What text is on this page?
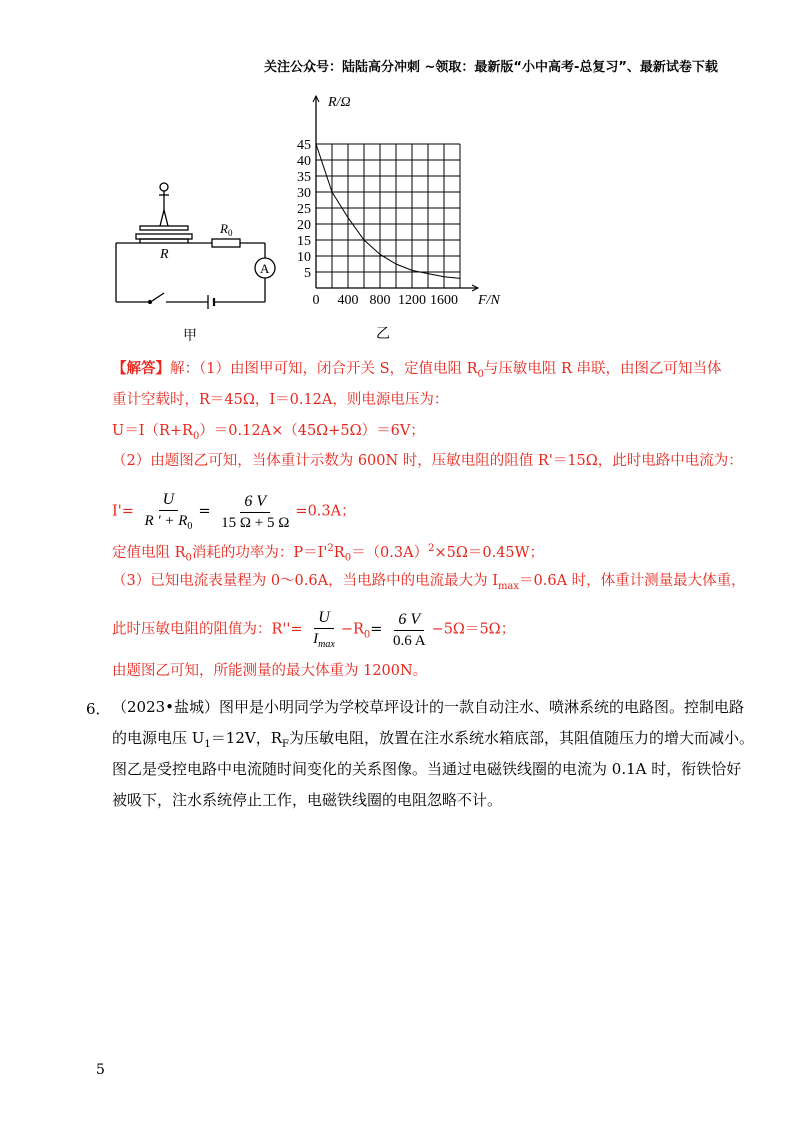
关注公众号：陆陆高分冲刺 ~领取：最新版“小中高考-总复习”、最新试卷下载
R
$R_0$
A
甲
45
40
35
30
25
20
15
10
5
0 400 800 1200 1600
R/Ω
F/N
乙
【解答】解：（1）由图甲可知，闭合开关 S，定值电阻 $R_0$与压敏电阻 R 串联，由图乙可知当体
重计空载时，R＝45Ω，I＝0.12A，则电源电压为：
$U=I(R+R_0)=0.12A\times(45\Omega+5\Omega)=6V$；
（2）由题图乙可知，当体重计示数为 600N 时，压敏电阻的阻值 R'＝15Ω，此时电路中电流为：
$I'= \frac{U}{R ' + R_0} = \frac{6 V}{15 \Omega + 5 \Omega} =0.3A$；
定值电阻 $R_0$消耗的功率为：$P=I'^2R_0=(0.3A)^2\times 5\Omega=0.45W$；
（3）已知电流表量程为 0～0.6A，当电路中的电流最大为 $I_{max}=0.6A$ 时，体重计测量最大体重，
此时压敏电阻的阻值为：$R''= \frac{U}{I_{max}} -R_0= \frac{6 V}{0.6 A} -5\Omega=5\Omega$；
由题图乙可知，所能测量的最大体重为 1200N。
6． （2023•盐城）图甲是小明同学为学校草坪设计的一款自动注水、喷淋系统的电路图。控制电路
的电源电压 $U_1=12V$，$R_F$为压敏电阻，放置在注水系统水箱底部，其阻值随压力的增大而减小。
图乙是受控电路中电流随时间变化的关系图像。当通过电磁铁线圈的电流为 0.1A 时，衔铁恰好
被吸下，注水系统停止工作，电磁铁线圈的电阻忽略不计。
5
